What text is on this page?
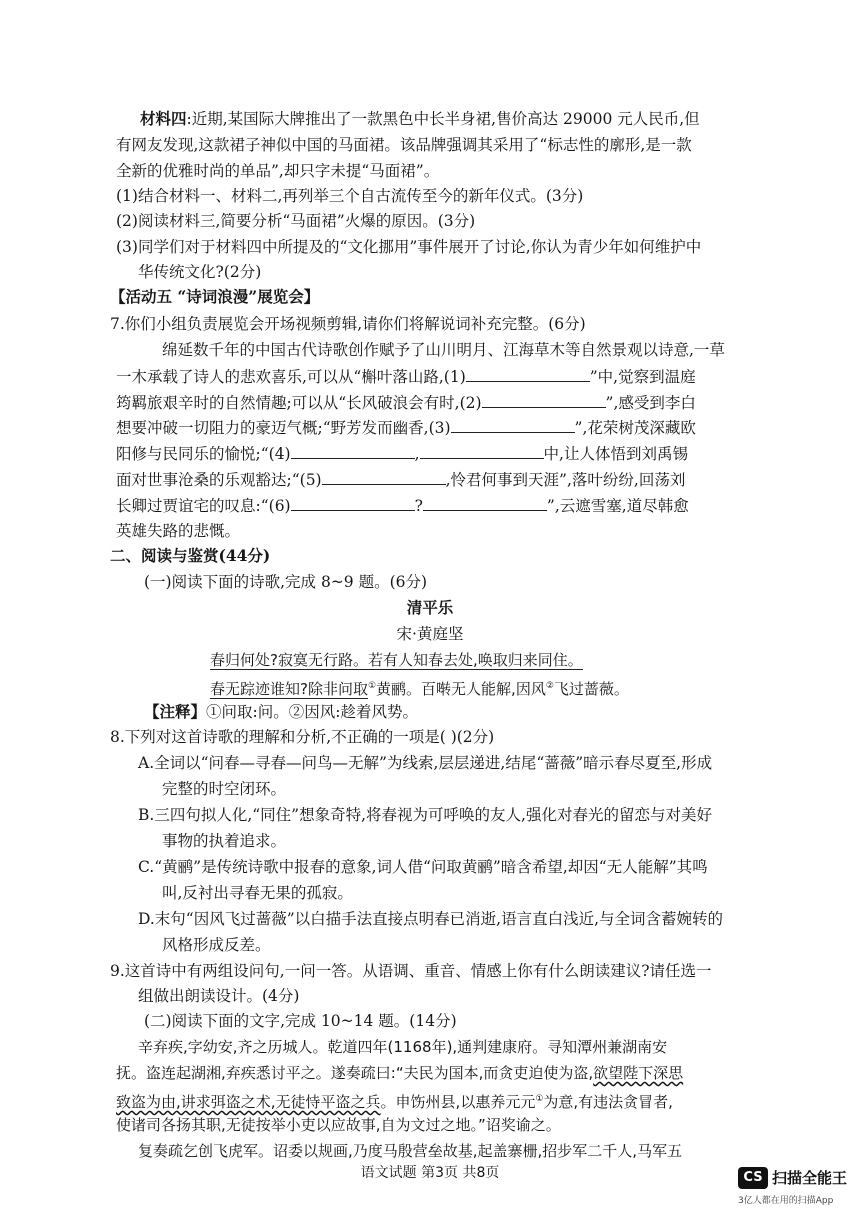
材料四:近期,某国际大牌推出了一款黑色中长半身裙,售价高达 29000 元人民币,但
有网友发现,这款裙子神似中国的马面裙。该品牌强调其采用了“标志性的廓形,是一款
全新的优雅时尚的单品”,却只字未提“马面裙”。
(1)结合材料一、材料二,再列举三个自古流传至今的新年仪式。(3分)
(2)阅读材料三,简要分析“马面裙”火爆的原因。(3分)
(3)同学们对于材料四中所提及的“文化挪用”事件展开了讨论,你认为青少年如何维护中
华传统文化?(2分)
【活动五 “诗词浪漫”展览会】
7.你们小组负责展览会开场视频剪辑,请你们将解说词补充完整。(6分)
绵延数千年的中国古代诗歌创作赋予了山川明月、江海草木等自然景观以诗意,一草
一木承载了诗人的悲欢喜乐,可以从“槲叶落山路,(1)	”中,觉察到温庭
筠羁旅艰辛时的自然情趣;可以从“长风破浪会有时,(2)	”,感受到李白
想要冲破一切阻力的豪迈气概;“野芳发而幽香,(3)	”,花荣树茂深藏欧
阳修与民同乐的愉悦;“(4)	,	中,让人体悟到刘禹锡
面对世事沧桑的乐观豁达;“(5)	,怜君何事到天涯”,落叶纷纷,回荡刘
长卿过贾谊宅的叹息:“(6)	?	”,云遮雪塞,道尽韩愈
英雄失路的悲慨。
二、阅读与鉴赏(44分)
(一)阅读下面的诗歌,完成 8~9 题。(6分)
清平乐
宋·黄庭坚
春归何处?寂寞无行路。若有人知春去处,唤取归来同住。
春无踪迹谁知?除非问取①黄鹂。百啭无人能解,因风②飞过蔷薇。
【注释】①问取:问。②因风:趁着风势。
8.下列对这首诗歌的理解和分析,不正确的一项是( )(2分)
A.全词以“问春—寻春—问鸟—无解”为线索,层层递进,结尾“蔷薇”暗示春尽夏至,形成
完整的时空闭环。
B.三四句拟人化,“同住”想象奇特,将春视为可呼唤的友人,强化对春光的留恋与对美好
事物的执着追求。
C.“黄鹂”是传统诗歌中报春的意象,词人借“问取黄鹂”暗含希望,却因“无人能解”其鸣
叫,反衬出寻春无果的孤寂。
D.末句“因风飞过蔷薇”以白描手法直接点明春已消逝,语言直白浅近,与全词含蓄婉转的
风格形成反差。
9.这首诗中有两组设问句,一问一答。从语调、重音、情感上你有什么朗读建议?请任选一
组做出朗读设计。(4分)
(二)阅读下面的文字,完成 10~14 题。(14分)
辛弃疾,字幼安,齐之历城人。乾道四年(1168年),通判建康府。寻知潭州兼湖南安
抚。盗连起湖湘,弃疾悉讨平之。遂奏疏曰:“夫民为国本,而贪吏迫使为盗,欲望陛下深思
致盗为由,讲求弭盗之术,无徒恃平盗之兵。申饬州县,以惠养元元①为意,有违法贪冒者,
使诸司各扬其职,无徒按举小吏以应故事,自为文过之地。”诏奖谕之。
复奏疏乞创飞虎军。诏委以规画,乃度马殷营垒故基,起盖寨栅,招步军二千人,马军五
语文试题 第3页 共8页	CS 扫描全能王
3亿人都在用的扫描App
